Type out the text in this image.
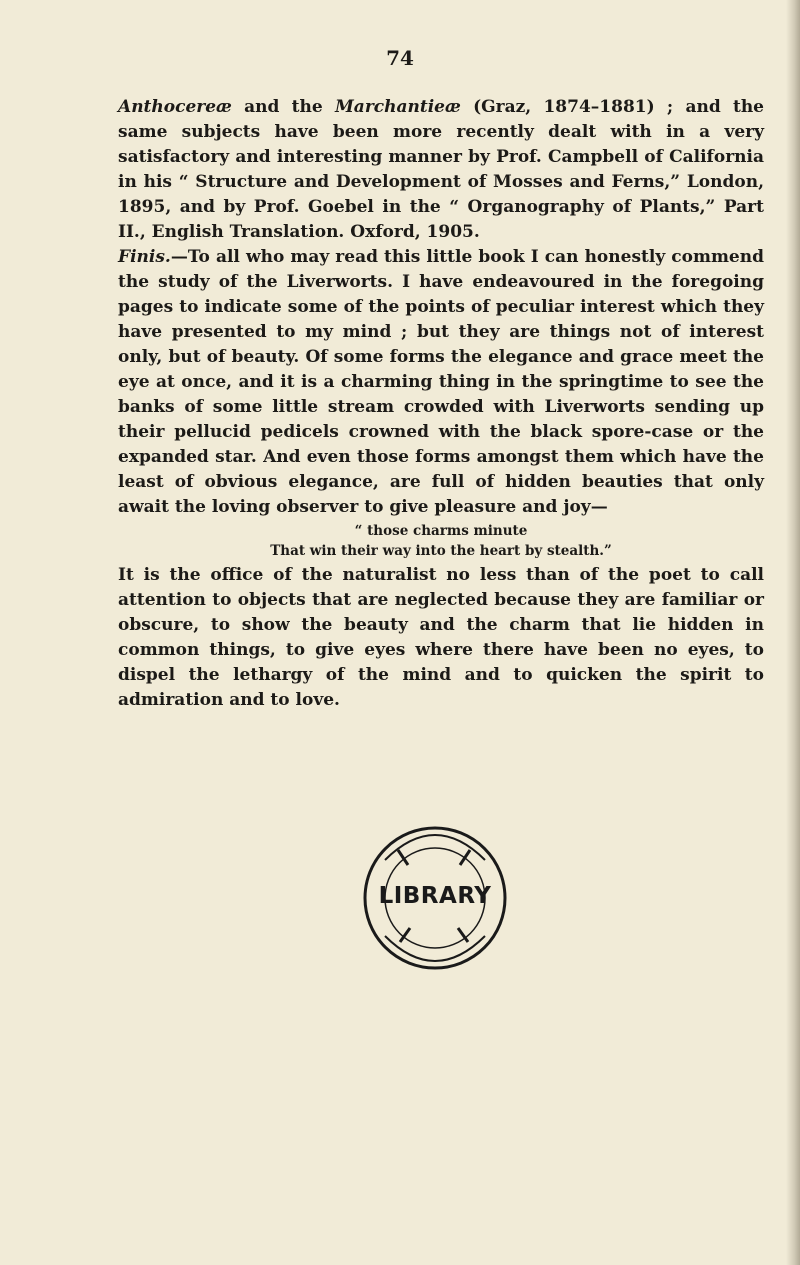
74

Anthocereæ and the Marchantieæ (Graz, 1874–1881) ; and the same subjects have been more recently dealt with in a very satisfactory and interesting manner by Prof. Campbell of California in his “ Structure and Development of Mosses and Ferns,” London, 1895, and by Prof. Goebel in the “ Organography of Plants,” Part II., English Translation. Oxford, 1905.

Finis.—To all who may read this little book I can honestly commend the study of the Liverworts. I have endeavoured in the foregoing pages to indicate some of the points of peculiar interest which they have presented to my mind ; but they are things not of interest only, but of beauty. Of some forms the elegance and grace meet the eye at once, and it is a charming thing in the springtime to see the banks of some little stream crowded with Liverworts sending up their pellucid pedicels crowned with the black spore-case or the expanded star. And even those forms amongst them which have the least of obvious elegance, are full of hidden beauties that only await the loving observer to give pleasure and joy—

“ those charms minute
That win their way into the heart by stealth.”

It is the office of the naturalist no less than of the poet to call attention to objects that are neglected because they are familiar or obscure, to show the beauty and the charm that lie hidden in common things, to give eyes where there have been no eyes, to dispel the lethargy of the mind and to quicken the spirit to admiration and to love.

LIBRARY
